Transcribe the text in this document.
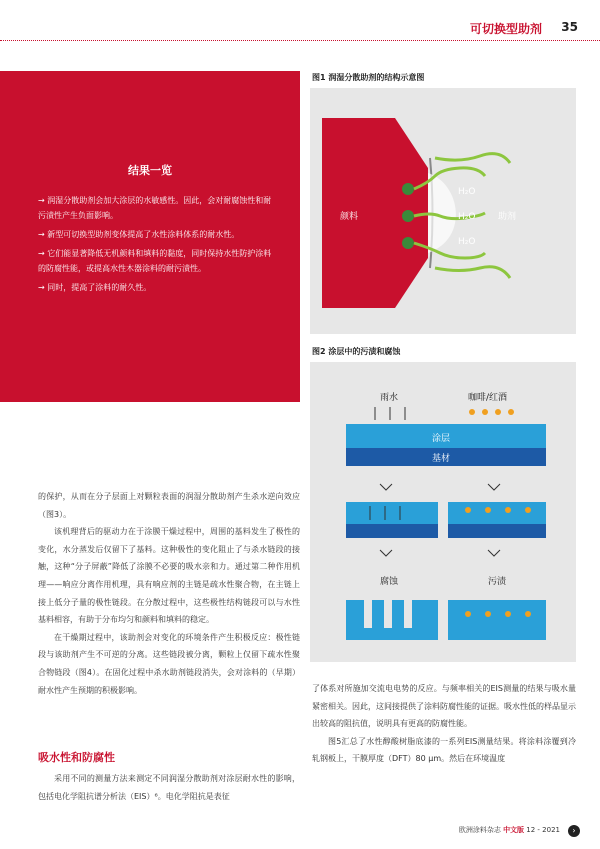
可切换型助剂 35
结果一览
→ 润湿分散助剂会加大涂层的水敏感性。因此，会对耐腐蚀性和耐污渍性产生负面影响。
→ 新型可切换型助剂变体提高了水性涂料体系的耐水性。
→ 它们能显著降低无机颜料和填料的黏度，同时保持水性防护涂料的防腐性能，或提高水性木器涂料的耐污渍性。
→ 同时，提高了涂料的耐久性。
图1 润湿分散助剂的结构示意图
颜料
H₂O
H₂O
H₂O
助剂
图2 涂层中的污渍和腐蚀
雨水	咖啡/红酒
涂层
基材
腐蚀	污渍

的保护，从而在分子层面上对颗粒表面的润湿分散助剂产生杀水逆向效应（图3）。

该机理背后的驱动力在于涂膜干燥过程中，周围的基料发生了极性的变化，水分蒸发后仅留下了基料。这种极性的变化阻止了与杀水链段的接触，这种“分子屏蔽”降低了涂膜不必要的吸水亲和力。通过第二种作用机理——响应分离作用机理，具有响应剂的主链是疏水性聚合物，在主链上接上低分子量的极性链段。在分散过程中，这些极性结构链段可以与水性基料相容，有助于分布均匀和颜料和填料的稳定。

在干燥期过程中，该助剂会对变化的环境条件产生积极反应：极性链段与该助剂产生不可逆的分离。这些链段被分离，颗粒上仅留下疏水性聚合物链段（图4）。在固化过程中杀水助剂链段消失，会对涂料的（早期）耐水性产生预期的积极影响。

吸水性和防腐性
采用不同的测量方法来测定不同润湿分散助剂对涂层耐水性的影响，包括电化学阻抗谱分析法（EIS）⁶。电化学阻抗是表征

了体系对所施加交流电电势的反应。与频率相关的EIS测量的结果与吸水量紧密相关。因此，这间接提供了涂料防腐性能的证据。吸水性低的样品显示出较高的阻抗值，说明具有更高的防腐性能。

图5汇总了水性醇酸树脂底漆的一系列EIS测量结果。将涂料涂覆到冷轧钢板上，干膜厚度（DFT）80 μm。然后在环境温度

欧洲涂料杂志 中文版 12 - 2021	›
